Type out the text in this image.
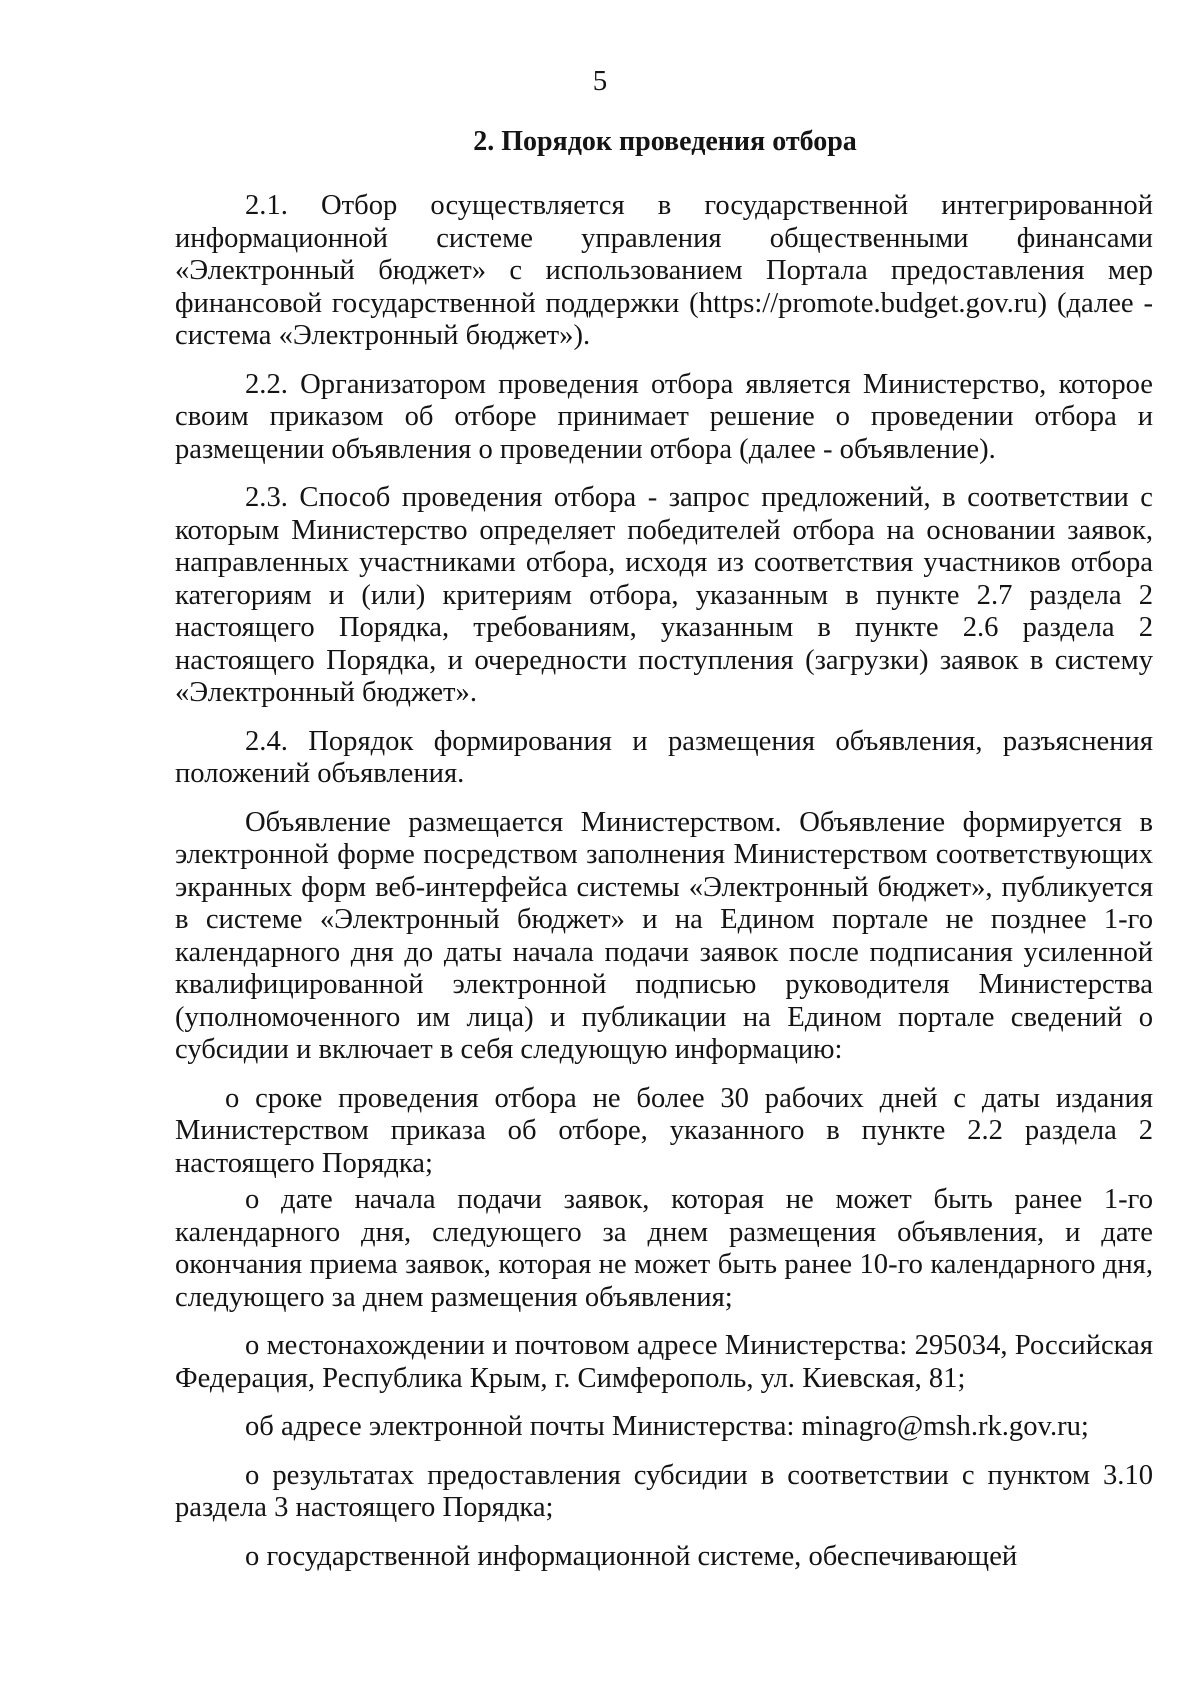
5
2. Порядок проведения отбора

2.1. Отбор осуществляется в государственной интегрированной информационной системе управления общественными финансами «Электронный бюджет» с использованием Портала предоставления мер финансовой государственной поддержки (https://promote.budget.gov.ru) (далее - система «Электронный бюджет»).

2.2. Организатором проведения отбора является Министерство, которое своим приказом об отборе принимает решение о проведении отбора и размещении объявления о проведении отбора (далее - объявление).

2.3. Способ проведения отбора - запрос предложений, в соответствии с которым Министерство определяет победителей отбора на основании заявок, направленных участниками отбора, исходя из соответствия участников отбора категориям и (или) критериям отбора, указанным в пункте 2.7 раздела 2 настоящего Порядка, требованиям, указанным в пункте 2.6 раздела 2 настоящего Порядка, и очередности поступления (загрузки) заявок в систему «Электронный бюджет».

2.4. Порядок формирования и размещения объявления, разъяснения положений объявления.

Объявление размещается Министерством. Объявление формируется в электронной форме посредством заполнения Министерством соответствующих экранных форм веб-интерфейса системы «Электронный бюджет», публикуется в системе «Электронный бюджет» и на Едином портале не позднее 1-го календарного дня до даты начала подачи заявок после подписания усиленной квалифицированной электронной подписью руководителя Министерства (уполномоченного им лица) и публикации на Едином портале сведений о субсидии и включает в себя следующую информацию:

о сроке проведения отбора не более 30 рабочих дней с даты издания Министерством приказа об отборе, указанного в пункте 2.2 раздела 2 настоящего Порядка;

о дате начала подачи заявок, которая не может быть ранее 1-го календарного дня, следующего за днем размещения объявления, и дате окончания приема заявок, которая не может быть ранее 10-го календарного дня, следующего за днем размещения объявления;

о местонахождении и почтовом адресе Министерства: 295034, Российская Федерация, Республика Крым, г. Симферополь, ул. Киевская, 81;

об адресе электронной почты Министерства: minagro@msh.rk.gov.ru;

о результатах предоставления субсидии в соответствии с пунктом 3.10 раздела 3 настоящего Порядка;

о государственной информационной системе, обеспечивающей
